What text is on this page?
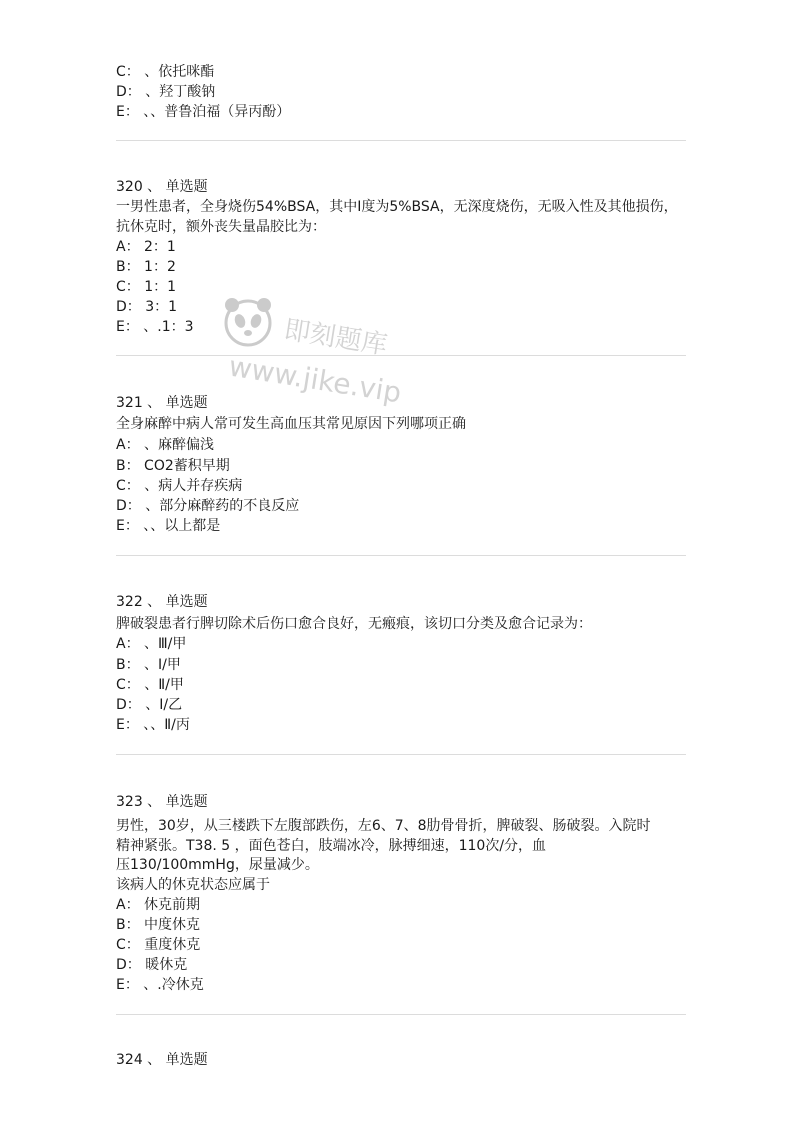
C： 、依托咪酯
D： 、羟丁酸钠
E： 、、普鲁泊福（异丙酚）
320 、 单选题
一男性患者，全身烧伤54%BSA，其中I度为5%BSA，无深度烧伤，无吸入性及其他损伤，
抗休克时，额外丧失量晶胶比为：
A： 2：1
B： 1：2
C： 1：1
D： 3：1
E： 、.1：3
321 、 单选题
全身麻醉中病人常可发生高血压其常见原因下列哪项正确
A： 、麻醉偏浅
B： CO2蓄积早期
C： 、病人并存疾病
D： 、部分麻醉药的不良反应
E： 、、以上都是
322 、 单选题
脾破裂患者行脾切除术后伤口愈合良好，无瘢痕，该切口分类及愈合记录为：
A： 、Ⅲ/甲
B： 、Ⅰ/甲
C： 、Ⅱ/甲
D： 、Ⅰ/乙
E： 、、Ⅱ/丙
323 、 单选题
男性，30岁，从三楼跌下左腹部跌伤，左6、7、8肋骨骨折，脾破裂、肠破裂。入院时
精神紧张。T38. 5 ，面色苍白，肢端冰冷，脉搏细速，110次/分，血
压130/100mmHg，尿量减少。
该病人的休克状态应属于
A： 休克前期
B： 中度休克
C： 重度休克
D： 暖休克
E： 、.冷休克
324 、 单选题
即刻题库
www.jike.vip
